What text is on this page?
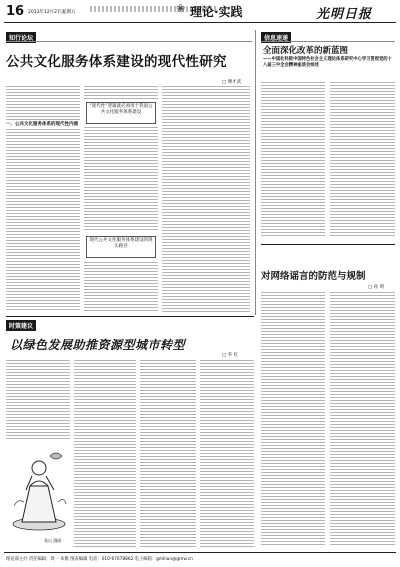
16 2013年12月27日
星期五	❀ 理论·实践	光明日报
知行论坛
公共文化服务体系建设的现代性研究
□ 傅才武
一、公共文化服务体系的现代性内涵
“现代性”逻辑就必须用于我国公共文化服务体系建设
现代公共文化服务体系建设的现实路径
信息速递
全面深化改革的新蓝图
——中国社科院中国特色社会主义理论体系研究中心学习贯彻党的十八届三中全会精神座谈会综述
对网络谣言的防范与规制
□ 孙 明
时策建议
以绿色发展助推资源型城市转型
□ 李 红
张山 漫画
理论部主办 责任编辑：周一 朱维 图表编辑 电话：010-67078862 电子邮箱：gmlilun@gmw.cn
